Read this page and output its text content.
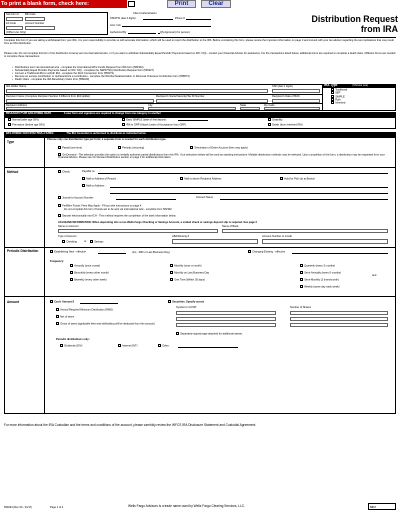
To print a blank form, check here:	Print	Clear
Sub Firm # BR Code
FA Code	Account Number
(Office Use Only)
Client Authentication
SSN/TIN (last 4 digits)	Phone #
Acct. Info
Authorized By	QS Approval (if in person)
Distribution Request
from IRA
Complete this form if you are taking a withdrawal from your IRA. It is your responsibility to provide us with accurate information, which will be used to report the distribution to the IRS. Before completing this form, please review the important information on page 3 and consult with your tax advisor regarding the tax implications that may result from an IRA distribution.
Please note: Do not complete this form if the distribution is being sent via international wire, or if you want to withdraw Substantially Equal Periodic Payments based on IRC 72(t) - contact your Financial Advisor for assistance. For the transactions listed below, additional forms are required to complete a death claim. Different forms are needed to complete these transactions:
• Distributions sent via international wire - complete the International Wire Funds Request from IRA form (582302)
• Substantially Equal Periodic Payments based on IRC 72(t) - complete the SEPP/72(t) Distribution Request form (590227)
• Convert a Traditional IRA to a Roth IRA - complete the Roth Conversion form (556071)
• Remove an excess contribution or recharacterize a contribution - complete the IRA Recharacterization or Removal of Excess Contribution form (558573)
• Death Claim - complete the IRA Beneficiary Claim form (589430)
IRA Holder Name	SSN (last 4 digits)	IRA Type	(Choose one)
Traditional
SEP
SIMPLE
Roth
Inherited
Recipient Name (Complete Recipient Section if different from IRA Holder)	Recipient's Social Security/Tax ID Number	Recipient's Date of Birth
Recipient Address	City	State	Zip Code
REASON FOR DISTRIBUTION	A new form and signature are required to change from one category to another
Normal (after age 59½)	Early SIMPLE (date of first deposit:	Disability
Premature (before age 59½)	IRA to GRP (Attach Letter of Acceptance from GRP)	Death (from Inherited IRA)
DISTRIBUTION INSTRUCTIONS	The IRA Custodian is authorized to distribute as indicated below.
Type
Choose only one distribution type per form; a separate form is needed for each distribution type.
Partial (one-time)	Periodic (recurring)	Termination of Entire Account (fees may apply)
On-Demand - The selection provides the option to verbally authorize partial distributions from this IRA. Your selections below will be used as standing instructions. Multiple distribution methods may be selected. Upon completion of this form, a distribution may be requested from your Financial Advisor. Please see On Demand Distribution section on page 3 for additional information.
Method	Check:	Payable to:
Mail to Address of Record	Mail to above Recipient Address	Hold for Pick-Up at Branch
Mail to Address:
Journal to Account Number	Account Name
FedWire Funds: Fees May Apply - Fill out wire instructions on page 4.
Do not complete this form if funds are to be sent via international wire - complete form 582302
Deposit electronically via ACH - This method requires the completion of the bank information below.
ACH BANK INFORMATION: When depositing into a non-Wells Fargo Checking or Savings Account, a voided check or savings deposit slip is required. See page 2
Name on Account	Name of Bank
Type of Account	ABA/Routing #	Account Number to Credit
Checking	or	Savings
Periodic Distribution	Establishing New - effective	(1st - 28th or Last Business Day)	Changing Existing - effective
Frequency:
Annually (once a year)	Monthly (once a month)	Quarterly (every 3 months)
Bimonthly (every other month)	Monthly on Last Business Day	Semi-Annually (every 6 months)
Biweekly (every other week)	One Time (Within 30 days)	Semi-Monthly (2 times/month)
Weekly (same day each week)
and
Amount	Cash: Amount $
Annual Required Minimum Distribution (RMD)
Net of taxes
Gross of taxes (applicable fees and withholding will be deducted from this amount)
Securities: Specify assets
Symbol or CUSIP	Number of Shares
Separately signed page attached for additional assets.
Periodic distributions only:
Dividends (DIV)	Interest (INT)	Other:
For more information about the IRA Custodian and the terms and conditions of the account, please carefully review the WFCS IRA Disclosure Statement and Custodial Agreement.
590294 (Rev 09 - 01/17)	Page 1 of 4	Wells Fargo Advisors is a trade name used by Wells Fargo Clearing Services, LLC.	SR #
